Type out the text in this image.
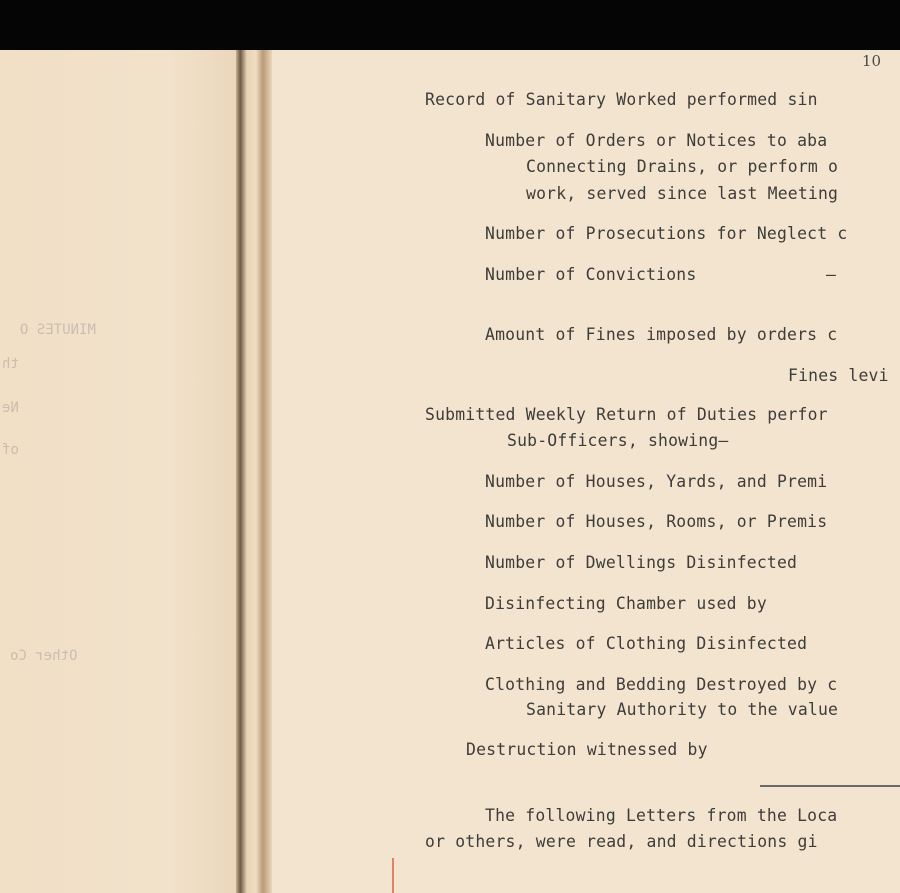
MINUTES O
th
Ne
of
Other Co
10
Record of Sanitary Worked performed sin
Number of Orders or Notices to aba
Connecting Drains, or perform o
work, served since last Meeting
Number of Prosecutions for Neglect c
Number of Convictions	–
Amount of Fines imposed by orders c
Fines levi
Submitted Weekly Return of Duties perfor
Sub-Officers, showing—
Number of Houses, Yards, and Premi
Number of Houses, Rooms, or Premis
Number of Dwellings Disinfected
Disinfecting Chamber used by
Articles of Clothing Disinfected
Clothing and Bedding Destroyed by c
Sanitary Authority to the value
Destruction witnessed by
The following Letters from the Loca
or others, were read, and directions gi
